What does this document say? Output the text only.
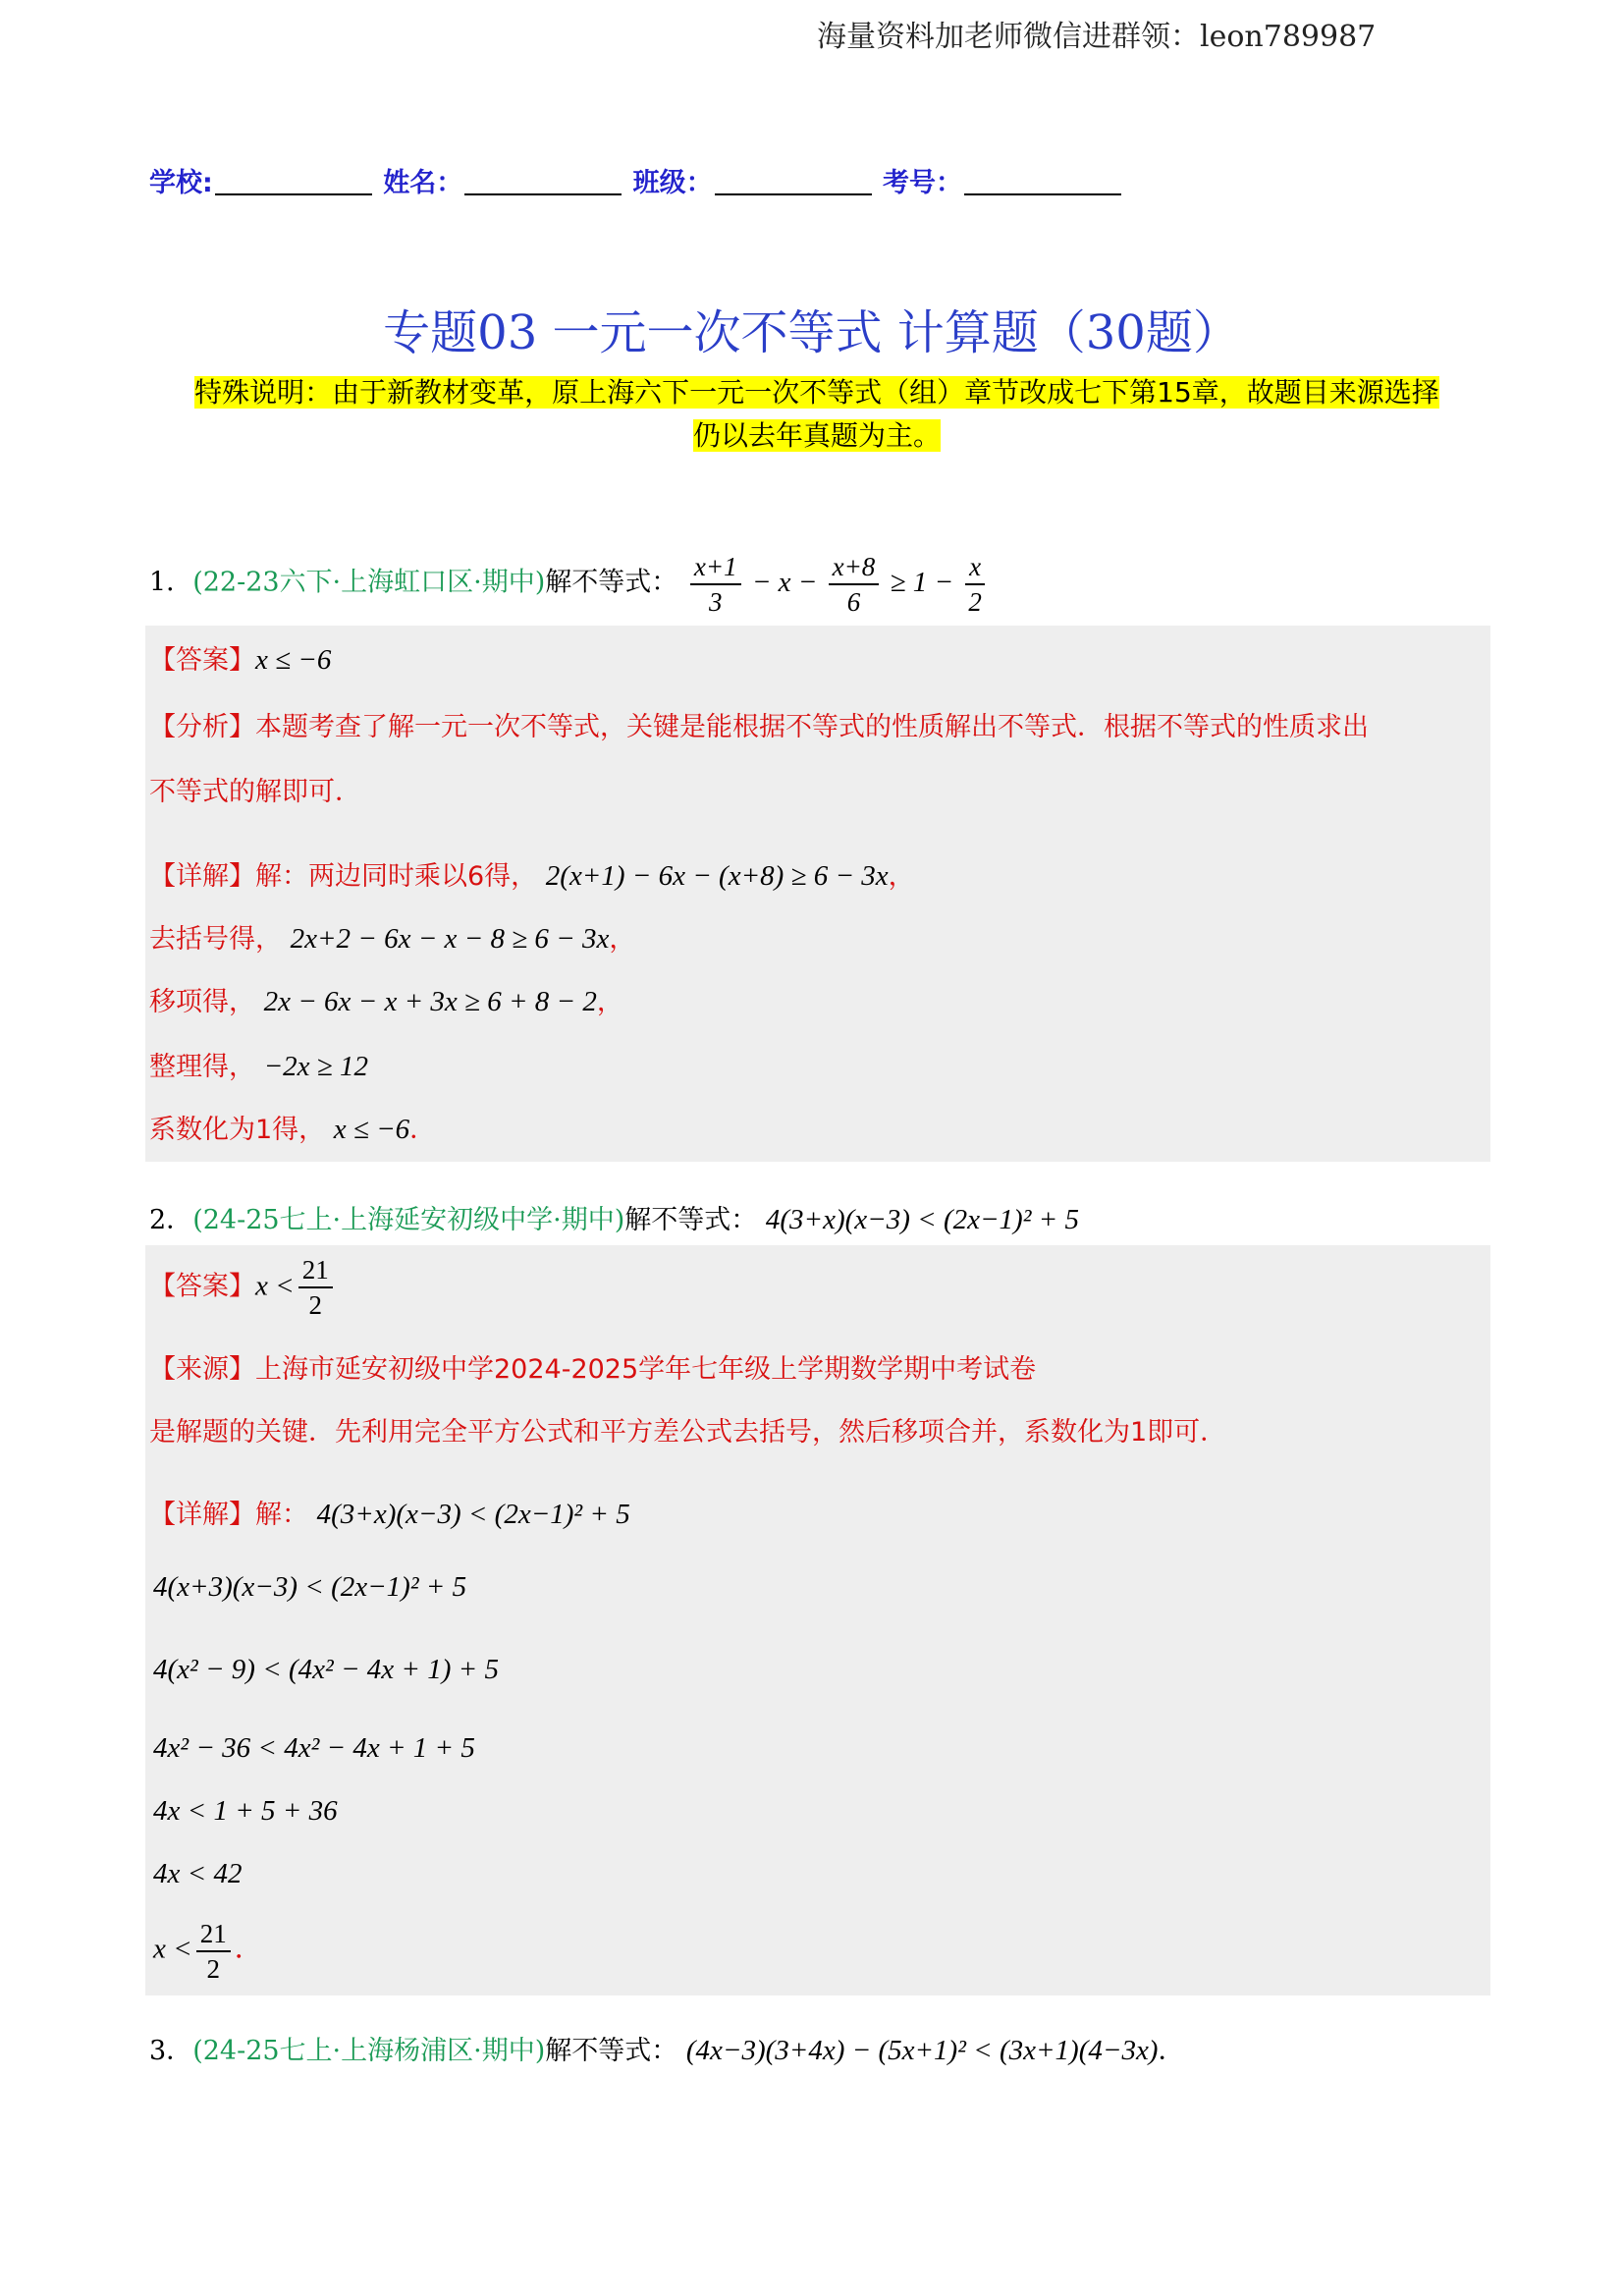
海量资料加老师微信进群领：leon789987
学校:	姓名：	班级：	考号：
专题03 一元一次不等式 计算题（30题）
特殊说明：由于新教材变革，原上海六下一元一次不等式（组）章节改成七下第15章，故题目来源选择
仍以去年真题为主。
1．(22-23六下·上海虹口区·期中)解不等式： $\frac{x+1}{3} - x - \frac{x+8}{6} \ge 1 - \frac{x}{2}$
【答案】x ≤ −6
【分析】本题考查了解一元一次不等式，关键是能根据不等式的性质解出不等式．根据不等式的性质求出
不等式的解即可．
【详解】解：两边同时乘以6得， 2(x+1) − 6x − (x+8) ≥ 6 − 3x，
去括号得， 2x+2 − 6x − x − 8 ≥ 6 − 3x，
移项得， 2x − 6x − x + 3x ≥ 6 + 8 − 2，
整理得， −2x ≥ 12
系数化为1得， x ≤ −6．
2．(24-25七上·上海延安初级中学·期中)解不等式： 4(3+x)(x−3) < (2x−1)² + 5
【答案】$x < \frac{21}{2}$
【来源】上海市延安初级中学2024-2025学年七年级上学期数学期中考试卷
是解题的关键．先利用完全平方公式和平方差公式去括号，然后移项合并，系数化为1即可．
【详解】解： 4(3+x)(x−3) < (2x−1)² + 5
4(x+3)(x−3) < (2x−1)² + 5
4(x² − 9) < (4x² − 4x + 1) + 5
4x² − 36 < 4x² − 4x + 1 + 5
4x < 1 + 5 + 36
4x < 42
$x < \frac{21}{2}$ ．
3．(24-25七上·上海杨浦区·期中)解不等式： (4x−3)(3+4x) − (5x+1)² < (3x+1)(4−3x)．
